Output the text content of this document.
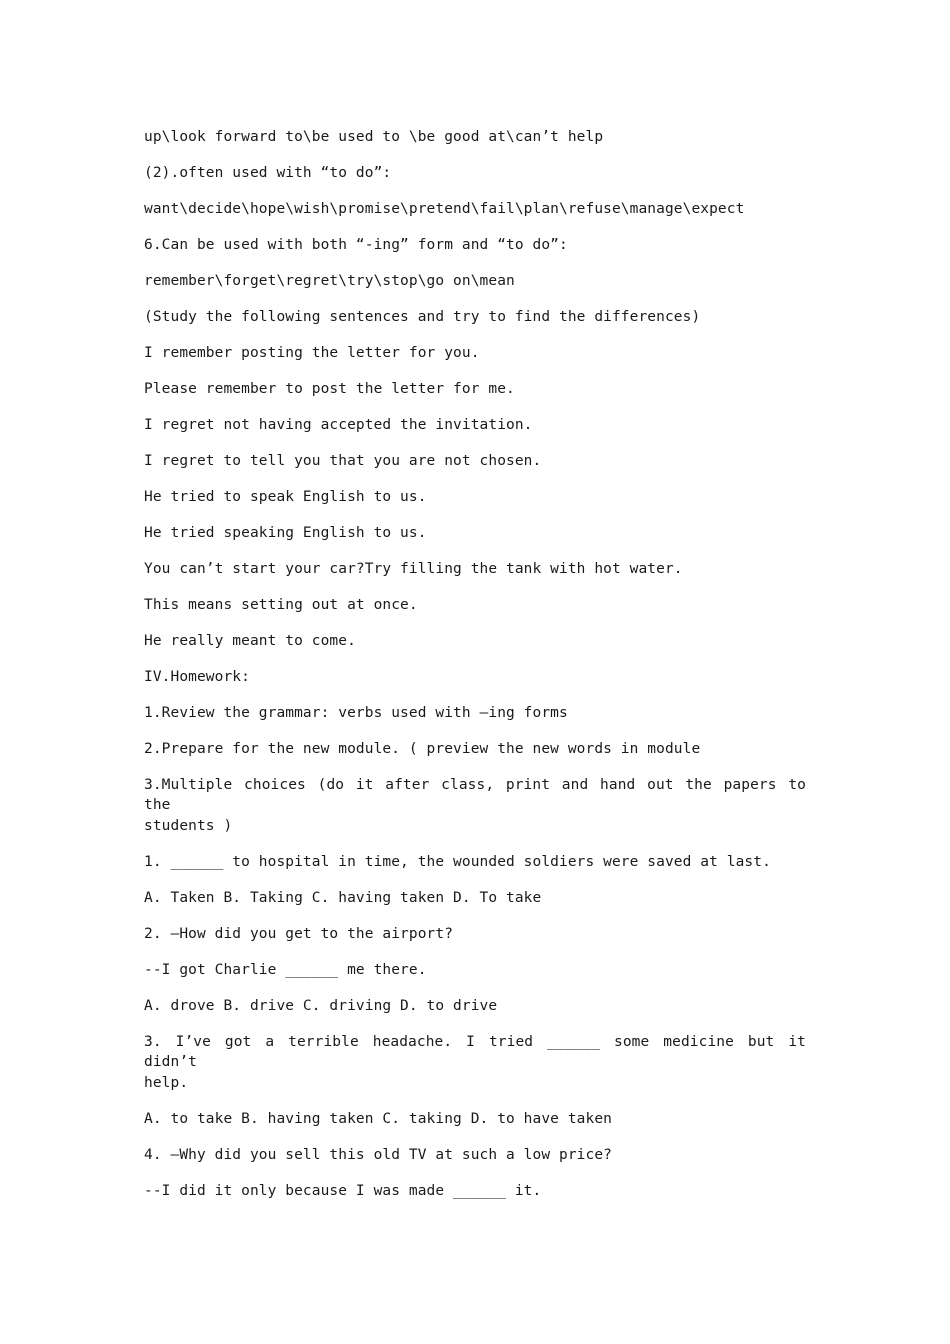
up\look forward to\be used to \be good at\can’t help
(2).often used with “to do”:
want\decide\hope\wish\promise\pretend\fail\plan\refuse\manage\expect
6.Can be used with both “-ing” form and “to do”:
remember\forget\regret\try\stop\go on\mean
(Study the following sentences and try to find the differences)
I remember posting the letter for you.
Please remember to post the letter for me.
I regret not having accepted the invitation.
I regret to tell you that you are not chosen.
He tried to speak English to us.
He tried speaking English to us.
You can’t start your car?Try filling the tank with hot water.
This means setting out at once.
He really meant to come.
IV.Homework:
1.Review the grammar: verbs used with –ing forms
2.Prepare for the new module. ( preview the new words in module
3.Multiple choices (do it after class, print and hand out the papers to the
students )
1. ______ to hospital in time, the wounded soldiers were saved at last.
A. Taken B. Taking C. having taken D. To take
2. –How did you get to the airport?
--I got Charlie ______ me there.
A. drove B. drive C. driving D. to drive
3. I’ve got a terrible headache. I tried ______ some medicine but it didn’t
help.
A. to take B. having taken C. taking D. to have taken
4. –Why did you sell this old TV at such a low price?
--I did it only because I was made ______ it.
